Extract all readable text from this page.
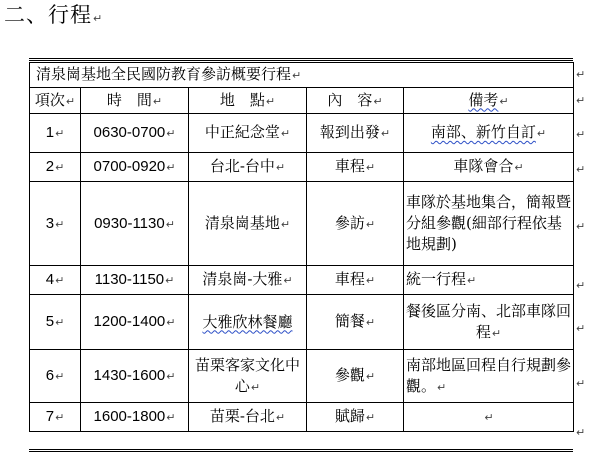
二、行程↵
清泉崗基地全民國防教育參訪概要行程↵				
項次↵	時　間↵	地　點↵	內　容↵	備考↵
1↵	0630-0700↵	中正紀念堂↵	報到出發↵	南部、新竹自訂↵
2↵	0700-0920↵	台北-台中↵	車程↵	車隊會合↵
3↵	0930-1130↵	清泉崗基地↵	參訪↵	車隊於基地集合，簡報暨分組參觀(細部行程依基地規劃)
4↵	1130-1150↵	清泉崗-大雅↵	車程↵	統一行程↵
5↵	1200-1400↵	大雅欣林餐廳	簡餐↵	餐後區分南、北部車隊回程↵
6↵	1430-1600↵	苗栗客家文化中心↵	參觀↵	南部地區回程自行規劃參觀。↵
7↵	1600-1800↵	苗栗-台北↵	賦歸↵	↵
↵
↵
↵
↵
↵
↵
↵
↵
↵
